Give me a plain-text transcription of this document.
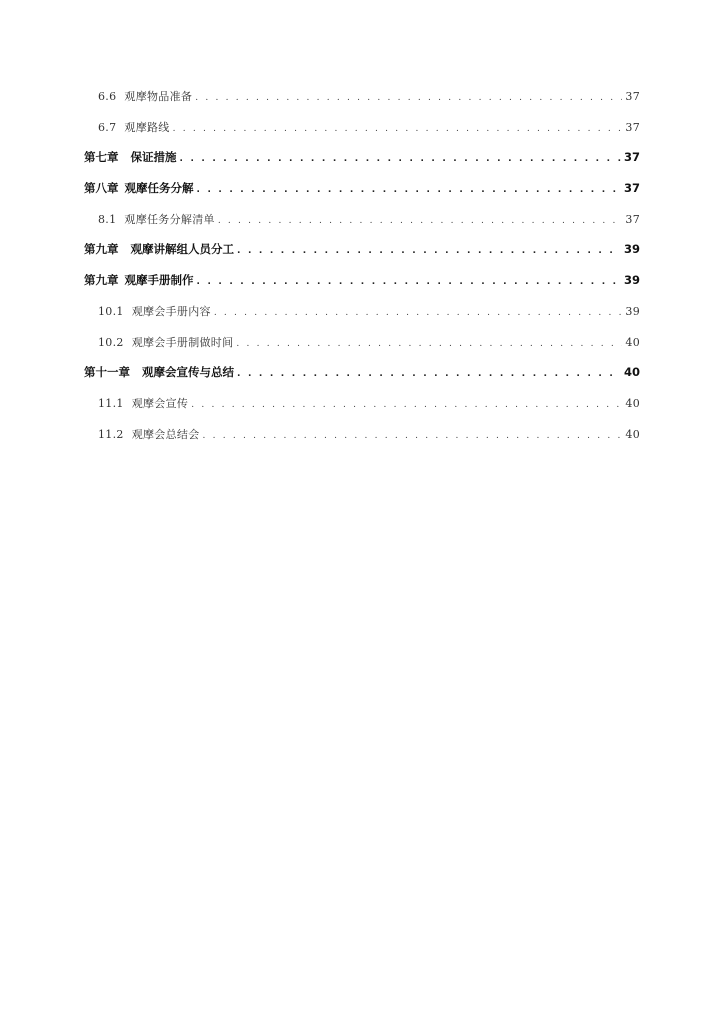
6.6 观摩物品准备 . . .	37
6.7 观摩路线 . . .	37
第七章 保证措施 . . .	37
第八章 观摩任务分解 . . .	37
8.1 观摩任务分解清单 . . .	37
第九章 观摩讲解组人员分工 . . .	39
第九章 观摩手册制作 . . .	39
10.1 观摩会手册内容 . . .	39
10.2 观摩会手册制做时间 . . .	40
第十一章 观摩会宣传与总结 . . .	40
11.1 观摩会宣传 . . .	40
11.2 观摩会总结会 . . .	40
